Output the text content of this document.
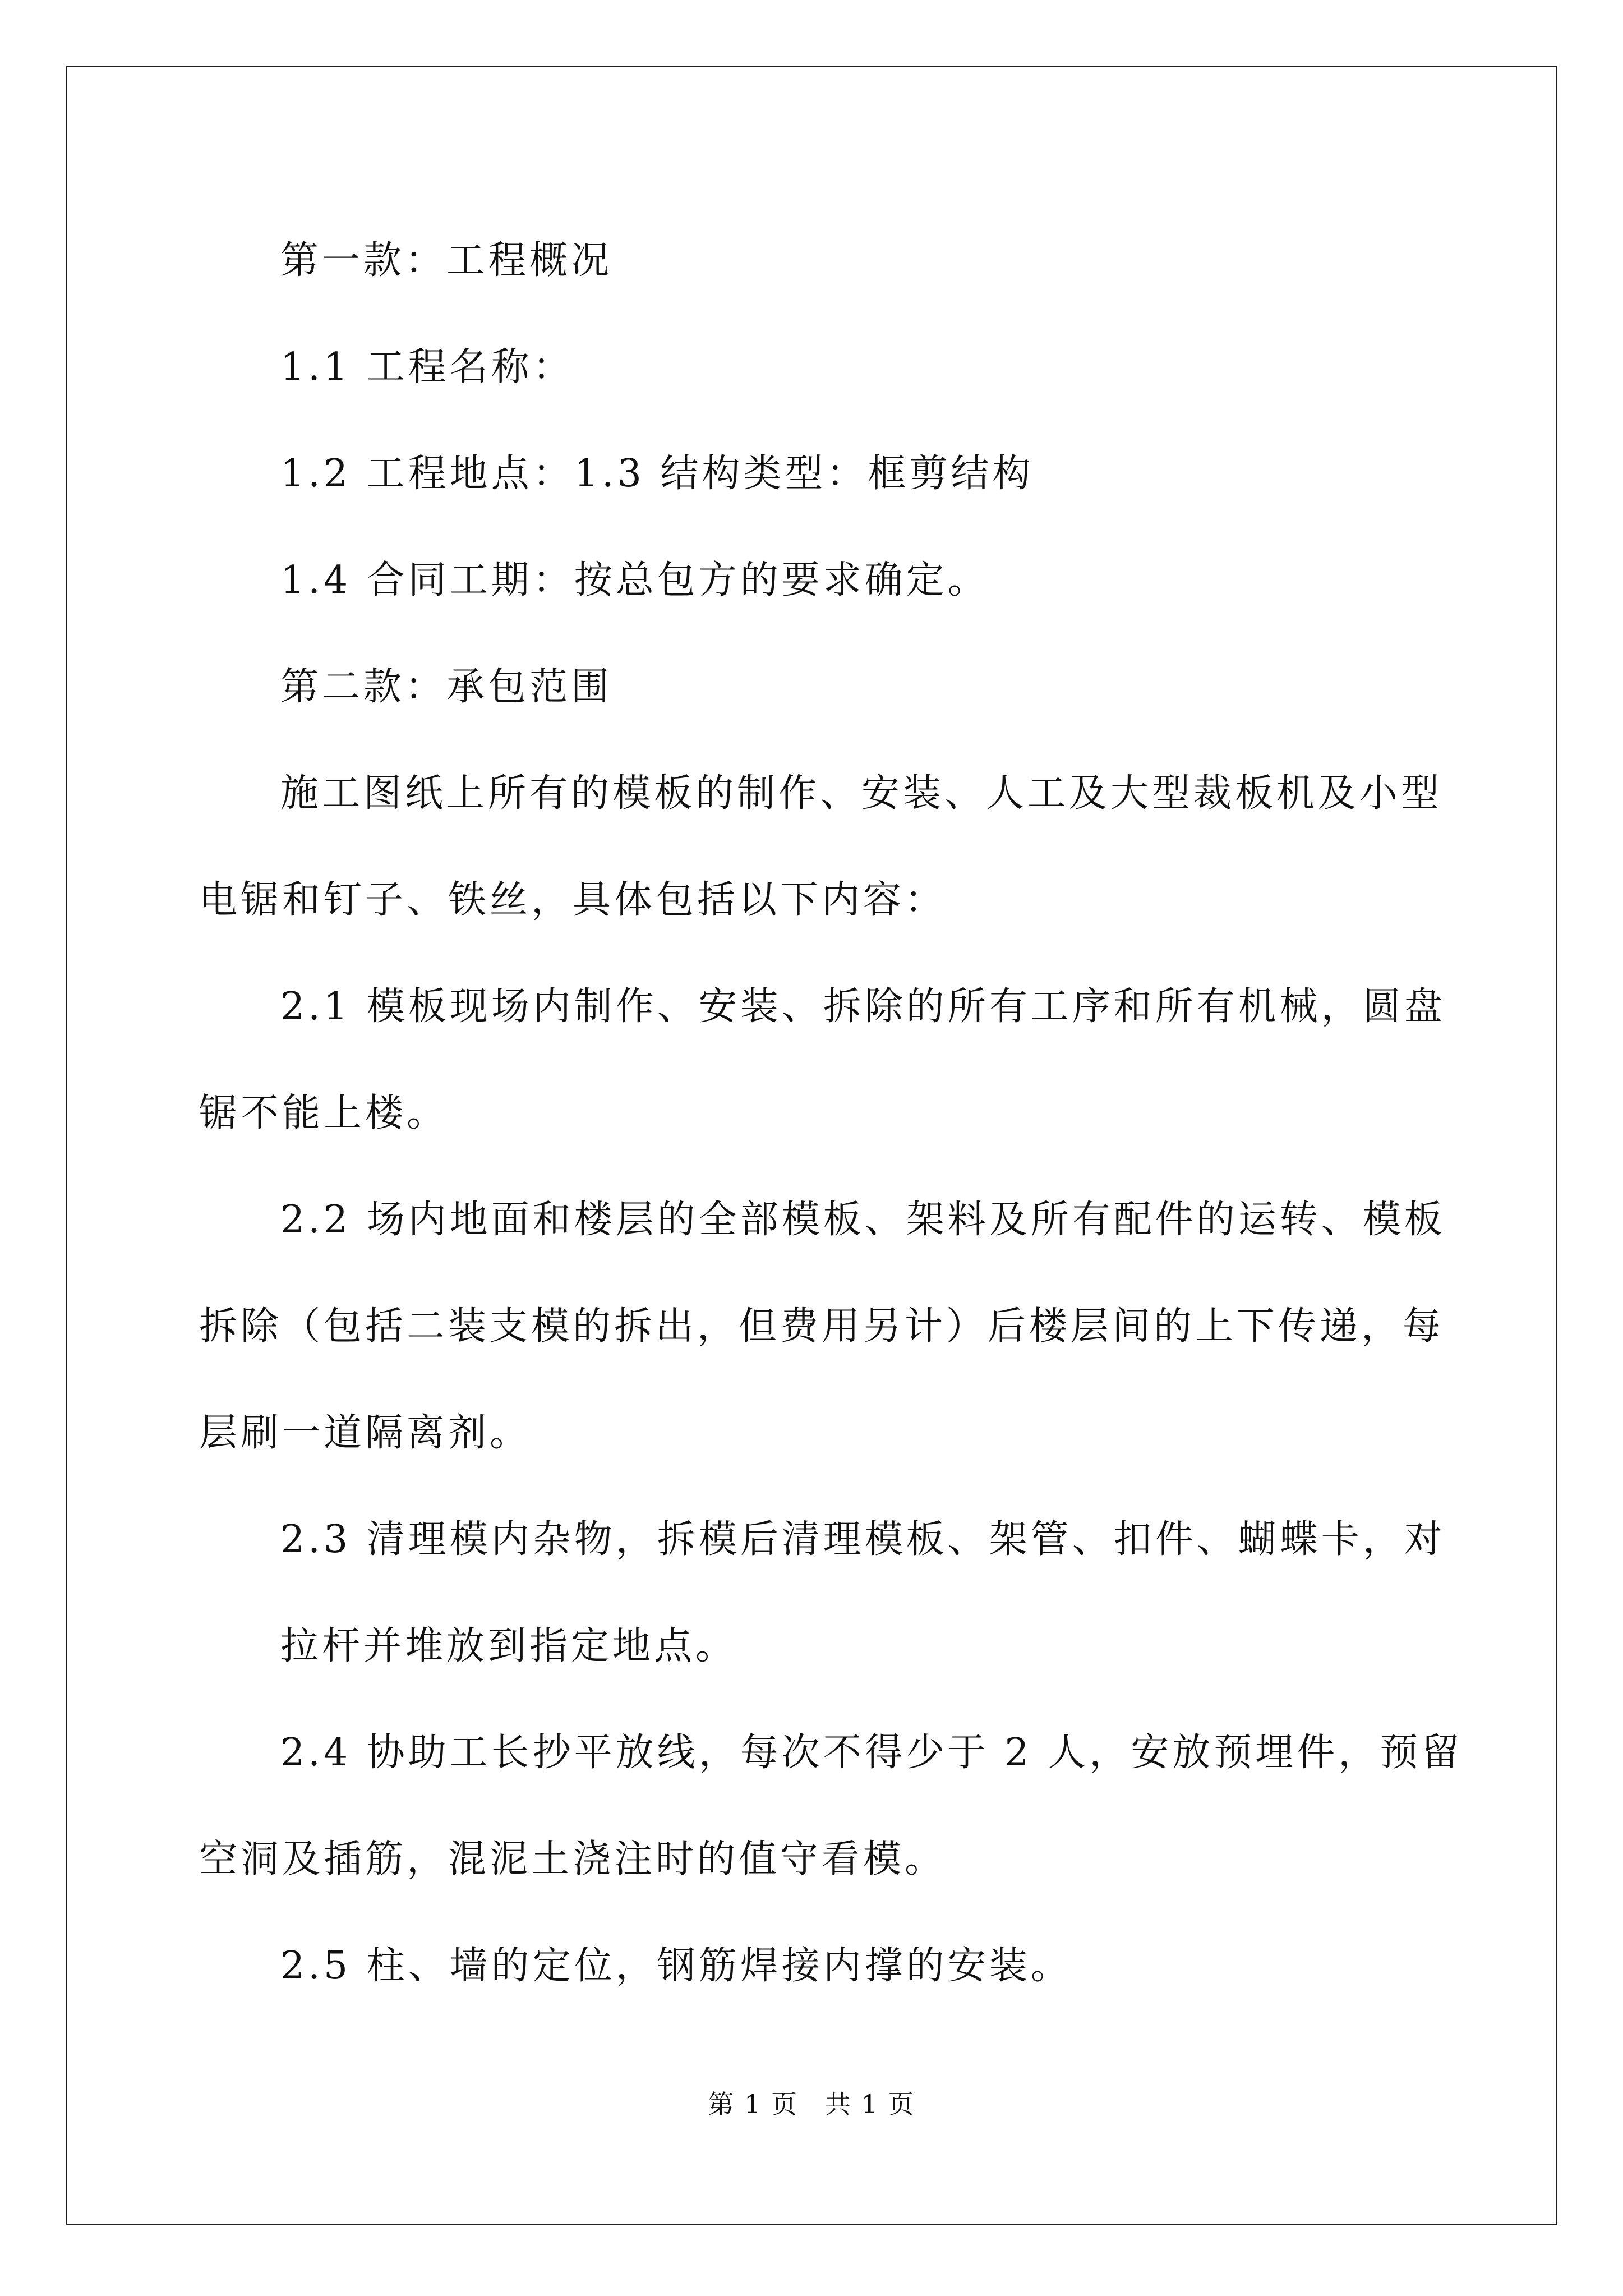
第一款：工程概况

1.1 工程名称：

1.2 工程地点：1.3 结构类型：框剪结构

1.4 合同工期：按总包方的要求确定。

第二款：承包范围

施工图纸上所有的模板的制作、安装、人工及大型裁板机及小型

电锯和钉子、铁丝，具体包括以下内容：

2.1 模板现场内制作、安装、拆除的所有工序和所有机械，圆盘

锯不能上楼。

2.2 场内地面和楼层的全部模板、架料及所有配件的运转、模板

拆除（包括二装支模的拆出，但费用另计）后楼层间的上下传递，每

层刷一道隔离剂。

2.3 清理模内杂物，拆模后清理模板、架管、扣件、蝴蝶卡，对

拉杆并堆放到指定地点。

2.4 协助工长抄平放线，每次不得少于 2 人，安放预埋件，预留

空洞及插筋，混泥土浇注时的值守看模。

2.5 柱、墙的定位，钢筋焊接内撑的安装。

第 1 页　共 1 页
